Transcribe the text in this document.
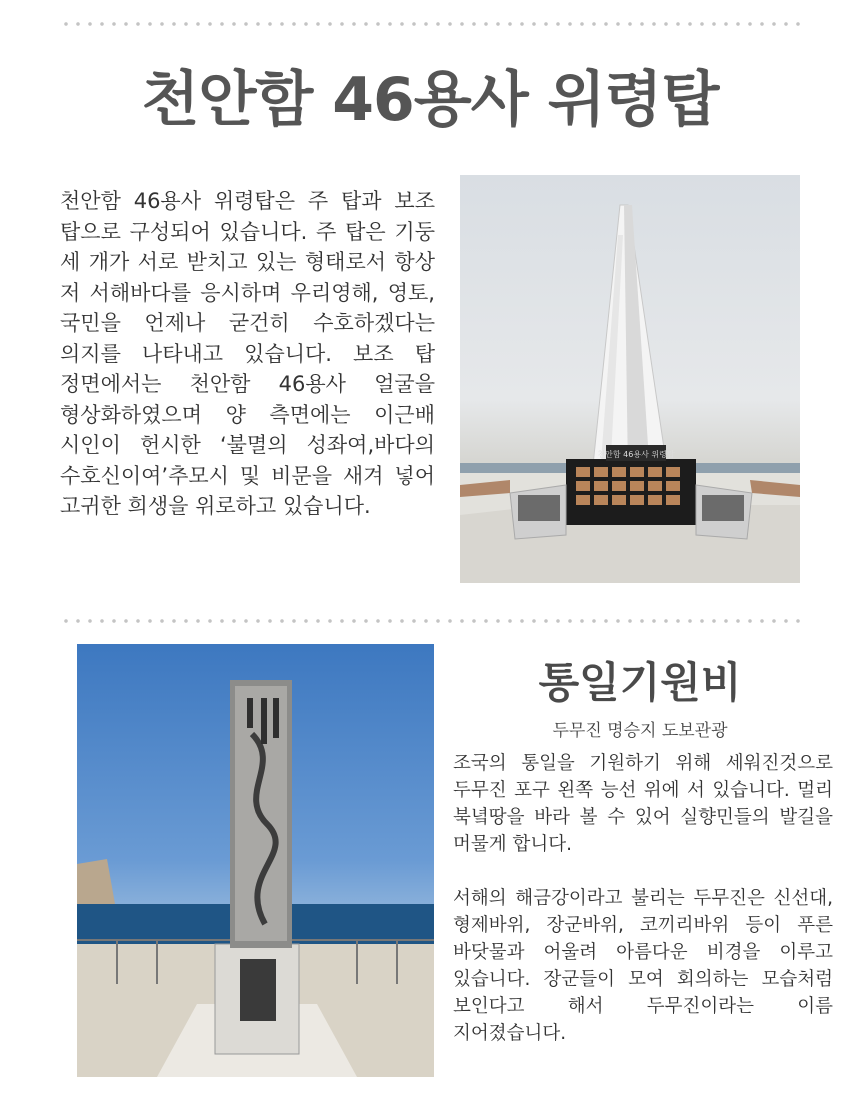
천안함 46용사 위령탑
천안함 46용사 위령탑은 주 탑과 보조 탑으로 구성되어 있습니다. 주 탑은 기둥 세 개가 서로 받치고 있는 형태로서 항상 저 서해바다를 응시하며 우리영해, 영토, 국민을 언제나 굳건히 수호하겠다는 의지를 나타내고 있습니다. 보조 탑 정면에서는 천안함 46용사 얼굴을 형상화하였으며 양 측면에는 이근배 시인이 헌시한 ‘불멸의 성좌여,바다의 수호신이여’추모시 및 비문을 새겨 넣어 고귀한 희생을 위로하고 있습니다.
천안함 46용사 위령탑
통일기원비
두무진 명승지 도보관광

조국의 통일을 기원하기 위해 세워진것으로 두무진 포구 왼쪽 능선 위에 서 있습니다. 멀리 북녘땅을 바라 볼 수 있어 실향민들의 발길을 머물게 합니다.

서해의 해금강이라고 불리는 두무진은 신선대, 형제바위, 장군바위, 코끼리바위 등이 푸른 바닷물과 어울려 아름다운 비경을 이루고 있습니다. 장군들이 모여 회의하는 모습처럼 보인다고 해서 두무진이라는 이름 지어졌습니다.
